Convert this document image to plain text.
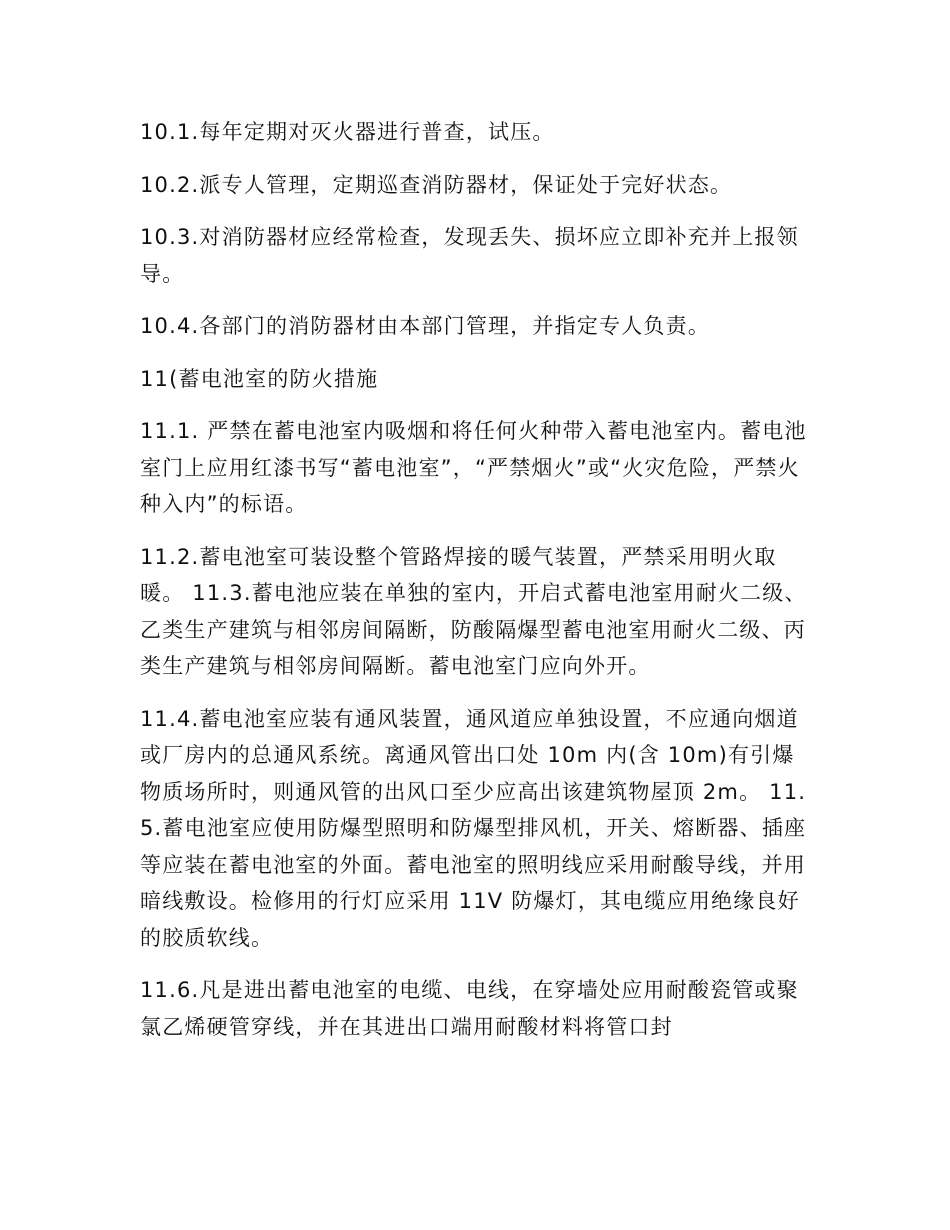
10.1.每年定期对灭火器进行普查，试压。

10.2.派专人管理，定期巡查消防器材，保证处于完好状态。

10.3.对消防器材应经常检查，发现丢失、损坏应立即补充并上报领导。

10.4.各部门的消防器材由本部门管理，并指定专人负责。

11(蓄电池室的防火措施

11.1. 严禁在蓄电池室内吸烟和将任何火种带入蓄电池室内。蓄电池室门上应用红漆书写“蓄电池室”，“严禁烟火”或“火灾危险，严禁火种入内”的标语。

11.2.蓄电池室可装设整个管路焊接的暖气装置，严禁采用明火取暖。 11.3.蓄电池应装在单独的室内，开启式蓄电池室用耐火二级、乙类生产建筑与相邻房间隔断，防酸隔爆型蓄电池室用耐火二级、丙类生产建筑与相邻房间隔断。蓄电池室门应向外开。

11.4.蓄电池室应装有通风装置，通风道应单独设置，不应通向烟道或厂房内的总通风系统。离通风管出口处 10m 内(含 10m)有引爆物质场所时，则通风管的出风口至少应高出该建筑物屋顶 2m。 11.5.蓄电池室应使用防爆型照明和防爆型排风机，开关、熔断器、插座等应装在蓄电池室的外面。蓄电池室的照明线应采用耐酸导线，并用暗线敷设。检修用的行灯应采用 11V 防爆灯，其电缆应用绝缘良好的胶质软线。

11.6.凡是进出蓄电池室的电缆、电线，在穿墙处应用耐酸瓷管或聚氯乙烯硬管穿线，并在其进出口端用耐酸材料将管口封
